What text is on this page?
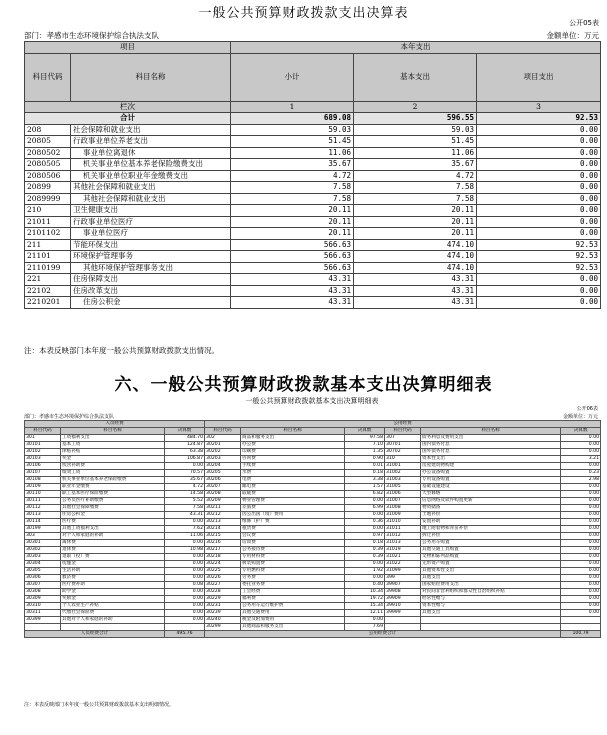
一般公共预算财政拨款支出决算表
公开05表
部门：孝感市生态环境保护综合执法支队	金额单位：万元
项目		本年支出		
科目代码	科目名称	小计	基本支出	项目支出
栏次		1	2	3
合计		689.08	596.55	92.53
208	社会保障和就业支出	59.03	59.03	0.00
20805	行政事业单位养老支出	51.45	51.45	0.00
2080502	事业单位离退休	11.06	11.06	0.00
2080505	机关事业单位基本养老保险缴费支出	35.67	35.67	0.00
2080506	机关事业单位职业年金缴费支出	4.72	4.72	0.00
20899	其他社会保障和就业支出	7.58	7.58	0.00
2089999	其他社会保障和就业支出	7.58	7.58	0.00
210	卫生健康支出	20.11	20.11	0.00
21011	行政事业单位医疗	20.11	20.11	0.00
2101102	事业单位医疗	20.11	20.11	0.00
211	节能环保支出	566.63	474.10	92.53
21101	环境保护管理事务	566.63	474.10	92.53
2110199	其他环境保护管理事务支出	566.63	474.10	92.53
221	住房保障支出	43.31	43.31	0.00
22102	住房改革支出	43.31	43.31	0.00
2210201	住房公积金	43.31	43.31	0.00
注：本表反映部门本年度一般公共预算财政拨款支出情况。
六、一般公共预算财政拨款基本支出决算明细表
一般公共预算财政拨款基本支出决算明细表
公开06表
部门：孝感市生态环境保护综合执法支队	金额单位：万元
人员经费			公用经费					
科目代码	科目名称	决算数	科目代码	科目名称	决算数	科目代码	科目名称	决算数
301	工资福利支出	484.70	302	商品和服务支出	97.58	307	债务利息及费用支出	0.00
30101	基本工资	124.87	30201	办公费	7.10	30701	国内债务付息	0.00
30102	津贴补贴	63.38	30202	印刷费	1.35	30702	国外债务付息	0.00
30103	奖金	106.87	30203	咨询费	0.90	310	资本性支出	3.21
30106	伙食补助费	0.00	30204	手续费	0.01	31001	房屋建筑物购建	0.00
30107	绩效工资	70.57	30205	水费	0.18	31002	办公设备购置	0.23
30108	机关事业单位基本养老保险缴费	35.67	30206	电费	3.38	31003	专用设备购置	2.98
30109	职业年金缴费	4.72	30207	邮电费	1.57	31005	基础设施建设	0.00
30110	职工基本医疗保险缴费	14.58	30208	取暖费	6.82	31006	大型修缮	0.00
30111	公务员医疗补助缴费	5.52	30209	物业管理费	0.00	31007	信息网络及软件购置更新	0.00
30112	其他社会保障缴费	7.58	30211	差旅费	6.99	31008	物资储备	0.00
30113	住房公积金	43.31	30212	因公出国（境）费用	0.00	31009	土地补偿	0.00
30114	医疗费	0.00	30213	维修（护）费	0.36	31010	安置补助	0.00
30199	其他工资福利支出	7.62	30214	租赁费	0.00	31011	地上附着物和青苗补偿	0.00
303	对个人和家庭的补助	11.06	30215	会议费	0.97	31012	拆迁补偿	0.00
30301	离休费	0.00	30216	培训费	0.18	31013	公务用车购置	0.00
30302	退休费	10.98	30217	公务接待费	0.39	31019	其他交通工具购置	0.00
30303	退职（役）费	0.00	30218	专用材料费	0.39	31021	文物和陈列品购置	0.00
30304	抚恤金	0.00	30224	被装购置费	0.00	31022	无形资产购置	0.00
30305	生活补助	0.00	30225	专用燃料费	1.92	31099	其他资本性支出	0.00
30306	救济费	0.00	30226	劳务费	0.00	399	其他支出	0.00
30307	医疗费补助	0.08	30227	委托业务费	0.40	39907	国家赔偿费用支出	0.00
30308	助学金	0.00	30228	工会经费	10.34	39908	对民间非营利组织和群众性自治组织补贴	0.00
30309	奖励金	0.00	30229	福利费	19.72	39909	经常性赠与	0.00
30310	个人农业生产补贴	0.00	30231	公务用车运行维护费	15.34	39910	资本性赠与	0.00
30311	代缴社会保险费	0.00	30239	其他交通费用	12.11	39999	其他支出	0.00
30399	其他对个人和家庭的补助	0.00	30240	税金及附加费用	0.00			
			30299	其他商品和服务支出	7.69			
人员经费合计		495.76	公用经费合计					100.79
注：本表反映部门本年度一般公共预算财政拨款基本支出明细情况。
